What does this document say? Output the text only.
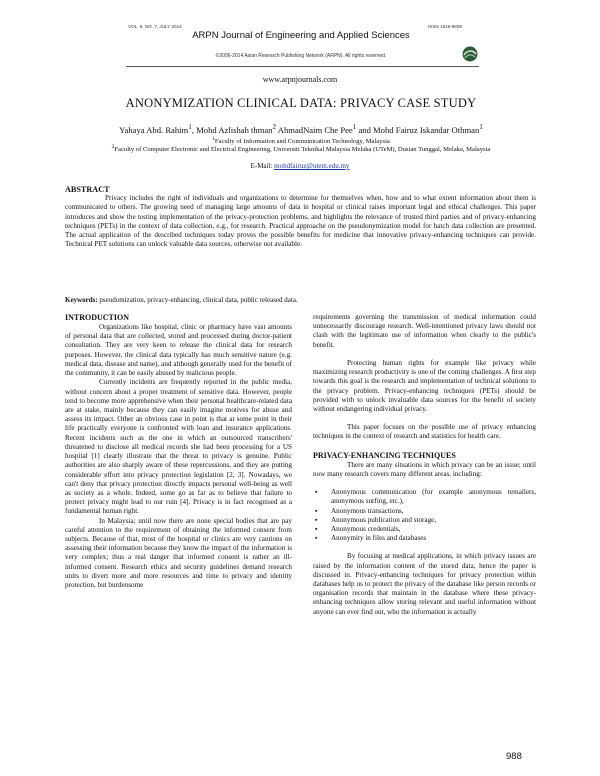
VOL. 9, NO. 7, JULY 2014	ISSN 1819-6608
ARPN Journal of Engineering and Applied Sciences
©2006-2014 Asian Research Publishing Network (ARPN). All rights reserved.
www.arpnjournals.com
ANONYMIZATION CLINICAL DATA: PRIVACY CASE STUDY
Yahaya Abd. Rahim$^1$, Mohd Azlishah thman$^2$ AhmadNaim Che Pee$^1$ and Mohd Fairuz Iskandar Othman$^1$
$^1$Faculty of Information and Communication Technology, Malaysia
$^2$Faculty of Computer Electronic and Electrical Engineering, Universiti Teknikal Malaysia Melaka (UTeM), Dusian Tunggal, Melaka, Malaysia
E-Mail: mohdfairuz@utem.edu.my
ABSTRACT

Privacy includes the right of individuals and organizations to determine for themselves when, how and to what extent information about them is communicated to others. The growing need of managing large amounts of data in hospital or clinical raises important legal and ethical challenges. This paper introduces and show the testing implementation of the privacy-protection problems, and highlights the relevance of trusted third parties and of privacy-enhancing techniques (PETs) in the context of data collection, e.g., for research. Practical approache on the pseudonymization model for batch data collection are presented. The actual application of the described techniques today proves the possible benefits for medicine that innovative privacy-enhancing techniques can provide. Technical PET solutions can unlock valuable data sources, otherwise not available.

Keywords: pseudomization, privacy-enhancing, clinical data, public released data.
INTRODUCTION

Organizations like hospital, clinic or pharmacy have vast amounts of personal data that are collected, stored and processed during doctor-patient consultation. They are very keen to release the clinical data for research purposes. However, the clinical data typically has much sensitive nature (e.g. medical data, disease and name), and although generally used for the benefit of the community, it can be easily abused by malicious people.

Currently incidents are frequently reported in the public media, without concern about a proper treatment of sensitive data. However, people tend to become more apprehensive when their personal healthcare-related data are at stake, mainly because they can easily imagine motives for abuse and assess its impact. Other an obvious case in point is that at some point in their life practically everyone is confronted with loan and insurance applications. Recent incidents such as the one in which an outsourced transcribers' threatened to disclose all medical records she had been processing for a US hospital [1] clearly illustrate that the threat to privacy is genuine. Public authorities are also sharply aware of these repercussions, and they are putting considerable effort into privacy protection legislation [2, 3]. Nowadays, we can't deny that privacy protection directly impacts personal well-being as well as society as a whole. Indeed, some go as far as to believe that failure to protect privacy might lead to our ruin [4]. Privacy is in fact recognised as a fundamental human right.

In Malaysia; until now there are none special bodies that are pay careful attention to the requirement of obtaining the informed consent from subjects. Because of that, most of the hospital or clinics are very cautions on assessing their information because they know the impact of the information is very complex; thus a real danger that informed consent is rather an ill-informed consent. Research ethics and security guidelines demand research units to divert more and more resources and time to privacy and identity protection, but burdensome

requirements governing the transmission of medical information could unnecessarily discourage research. Well-intentioned privacy laws should not clash with the legitimate use of information when clearly to the public's benefit.

Protecting human rights for example like privacy while maximizing research productivity is one of the coming challenges. A first step towards this goal is the research and implementation of technical solutions to the privacy problem. Privacy-enhancing techniques (PETs) should be provided with to unlock invaluable data sources for the benefit of society without endangering individual privacy.

This paper focuses on the possible use of privacy enhancing techniques in the context of research and statistics for health care.

PRIVACY-ENHANCING TECHNIQUES

There are many situations in which privacy can be an issue; until now many research covers many different areas, including:

▪ Anonymous communication (for example anonymous remailers, anonymous surfing, etc.),
▪ Anonymous transactions,
▪ Anonymous publication and storage,
▪ Anonymous credentials,
▪ Anonymity in files and databases

By focusing at medical applications, in which privacy issues are raised by the information content of the stored data, hence the paper is discussed in. Privacy-enhancing techniques for privacy protection within databases help us to protect the privacy of the database like person records or organisation records that maintain in the database where these privacy-enhancing techniques allow storing relevant and useful information without anyone can ever find out, who the information is actually

988
